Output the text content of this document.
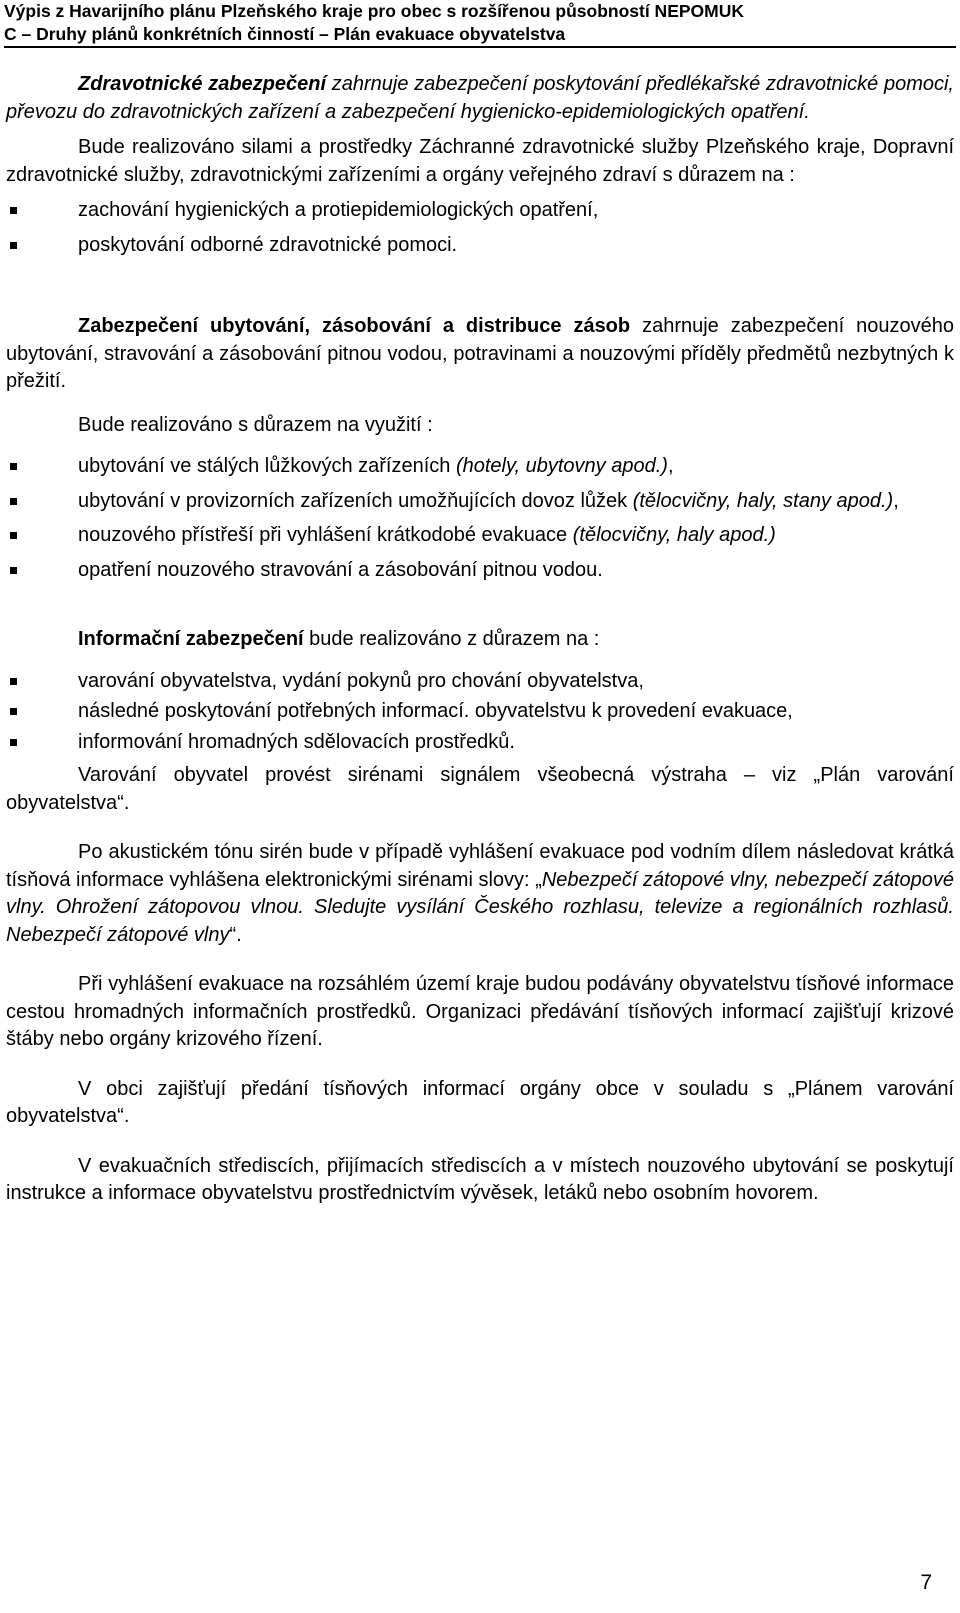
Výpis z Havarijního plánu Plzeňského kraje pro obec s rozšířenou působností NEPOMUK
C – Druhy plánů konkrétních činností – Plán evakuace obyvatelstva

Zdravotnické zabezpečení zahrnuje zabezpečení poskytování předlékařské zdravotnické pomoci, převozu do zdravotnických zařízení a zabezpečení hygienicko-epidemiologických opatření.

Bude realizováno silami a prostředky Záchranné zdravotnické služby Plzeňského kraje, Dopravní zdravotnické služby, zdravotnickými zařízeními a orgány veřejného zdraví s důrazem na :

zachování hygienických a protiepidemiologických opatření,
poskytování odborné zdravotnické pomoci.

Zabezpečení ubytování, zásobování a distribuce zásob zahrnuje zabezpečení nouzového ubytování, stravování a zásobování pitnou vodou, potravinami a nouzovými příděly předmětů nezbytných k přežití.

Bude realizováno s důrazem na využití :

ubytování ve stálých lůžkových zařízeních (hotely, ubytovny apod.),
ubytování v provizorních zařízeních umožňujících dovoz lůžek (tělocvičny, haly, stany apod.),
nouzového přístřeší při vyhlášení krátkodobé evakuace (tělocvičny, haly apod.)
opatření nouzového stravování a zásobování pitnou vodou.

Informační zabezpečení bude realizováno z důrazem na :

varování obyvatelstva, vydání pokynů pro chování obyvatelstva,
následné poskytování potřebných informací. obyvatelstvu k provedení evakuace,
informování hromadných sdělovacích prostředků.

Varování obyvatel provést sirénami signálem všeobecná výstraha – viz „Plán varování obyvatelstva“.

Po akustickém tónu sirén bude v případě vyhlášení evakuace pod vodním dílem následovat krátká tísňová informace vyhlášena elektronickými sirénami slovy: „Nebezpečí zátopové vlny, nebezpečí zátopové vlny. Ohrožení zátopovou vlnou. Sledujte vysílání Českého rozhlasu, televize a regionálních rozhlasů. Nebezpečí zátopové vlny“.

Při vyhlášení evakuace na rozsáhlém území kraje budou podávány obyvatelstvu tísňové informace cestou hromadných informačních prostředků. Organizaci předávání tísňových informací zajišťují krizové štáby nebo orgány krizového řízení.

V obci zajišťují předání tísňových informací orgány obce v souladu s „Plánem varování obyvatelstva“.

V evakuačních střediscích, přijímacích střediscích a v místech nouzového ubytování se poskytují instrukce a informace obyvatelstvu prostřednictvím vývěsek, letáků nebo osobním hovorem.

7
